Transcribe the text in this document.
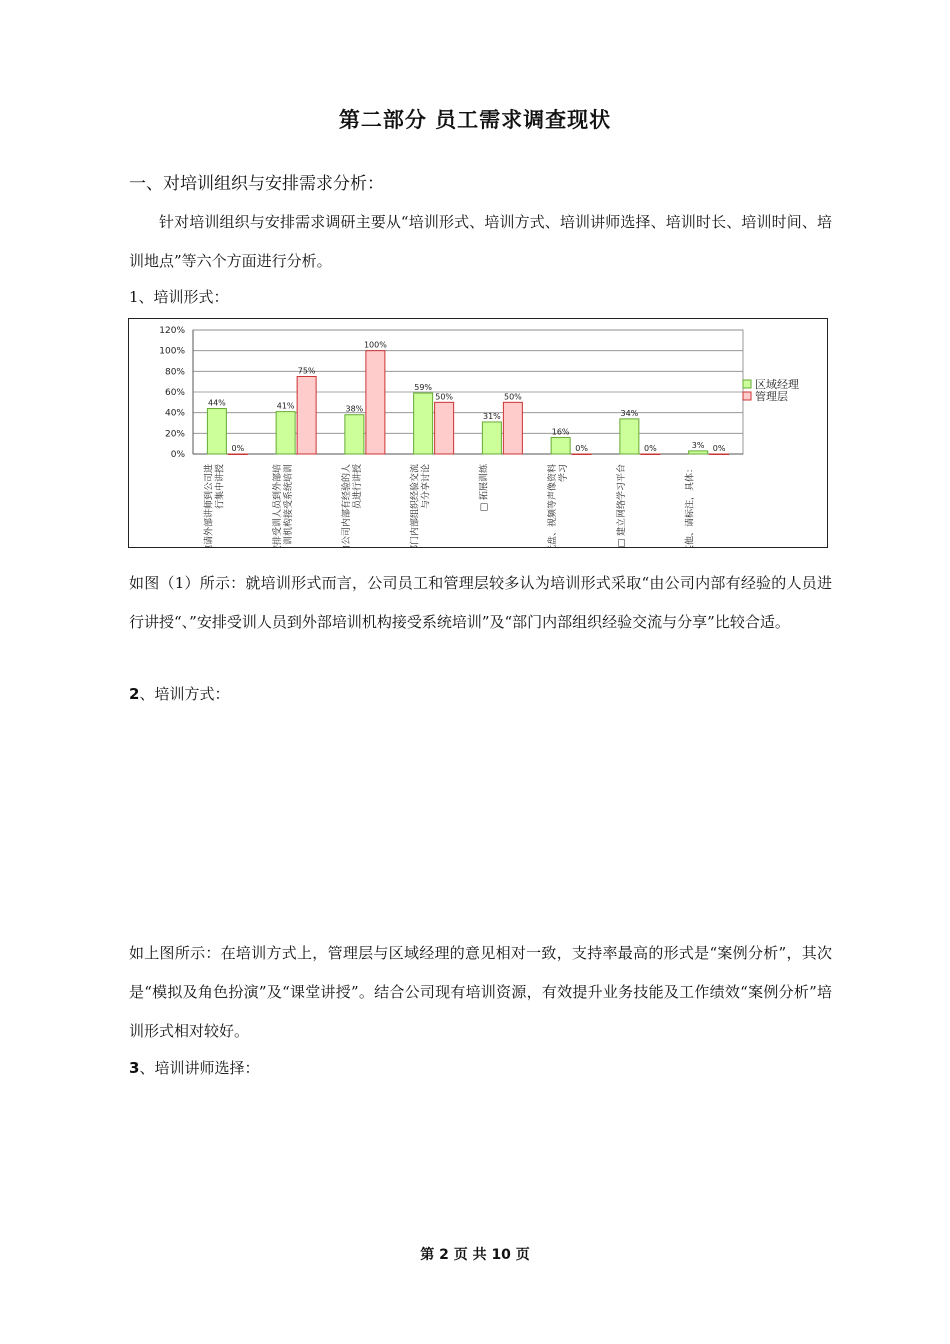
第二部分 员工需求调查现状
一、对培训组织与安排需求分析：
针对培训组织与安排需求调研主要从“培训形式、培训方式、培训讲师选择、培训时长、培训时间、培训地点”等六个方面进行分析。
1、培训形式：
0%
20%
40%
60%
80%
100%
120%
44%	41%	38%
59%
31%
16%
34%
3%
0%
75%
100%
50%	50%
0%	0%	0%
□ 邀请外部讲师到公司进 行集中讲授	□ 安排受训人员到外部培 训机构接受系统培训	□ 由公司内部有经验的人 员进行讲授	□ 部门内部组织经验交流 与分享讨论	□ 拓展训练	□ 光盘、视频等声像资料 学习	□ 建立网络学习平台	□ 其他、请标注，具体：
区域经理
管理层
如图（1）所示：就培训形式而言，公司员工和管理层较多认为培训形式采取“由公司内部有经验的人员进行讲授“、”安排受训人员到外部培训机构接受系统培训”及“部门内部组织经验交流与分享”比较合适。
2、培训方式：
如上图所示：在培训方式上，管理层与区域经理的意见相对一致，支持率最高的形式是“案例分析”，其次是“模拟及角色扮演”及“课堂讲授”。结合公司现有培训资源，有效提升业务技能及工作绩效“案例分析”培训形式相对较好。
3、培训讲师选择：
第 2 页 共 10 页
